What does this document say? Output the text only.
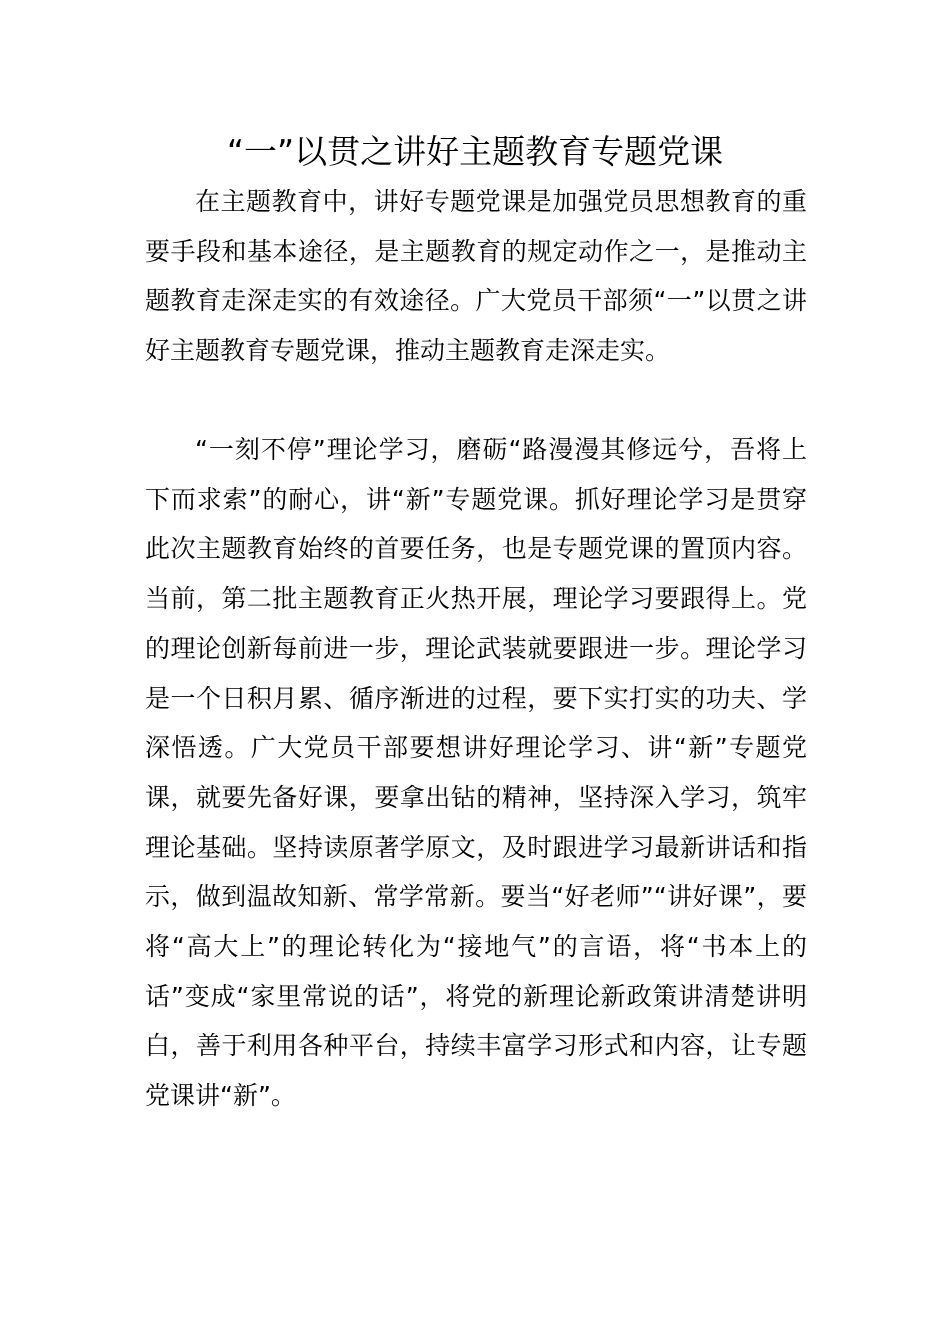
“一”以贯之讲好主题教育专题党课

在主题教育中，讲好专题党课是加强党员思想教育的重要手段和基本途径，是主题教育的规定动作之一，是推动主题教育走深走实的有效途径。广大党员干部须“一”以贯之讲好主题教育专题党课，推动主题教育走深走实。

“一刻不停”理论学习，磨砺“路漫漫其修远兮，吾将上下而求索”的耐心，讲“新”专题党课。抓好理论学习是贯穿此次主题教育始终的首要任务，也是专题党课的置顶内容。当前，第二批主题教育正火热开展，理论学习要跟得上。党的理论创新每前进一步，理论武装就要跟进一步。理论学习是一个日积月累、循序渐进的过程，要下实打实的功夫、学深悟透。广大党员干部要想讲好理论学习、讲“新”专题党课，就要先备好课，要拿出钻的精神，坚持深入学习，筑牢理论基础。坚持读原著学原文，及时跟进学习最新讲话和指示，做到温故知新、常学常新。要当“好老师”“讲好课”，要将“高大上”的理论转化为“接地气”的言语，将“书本上的话”变成“家里常说的话”，将党的新理论新政策讲清楚讲明白，善于利用各种平台，持续丰富学习形式和内容，让专题党课讲“新”。
